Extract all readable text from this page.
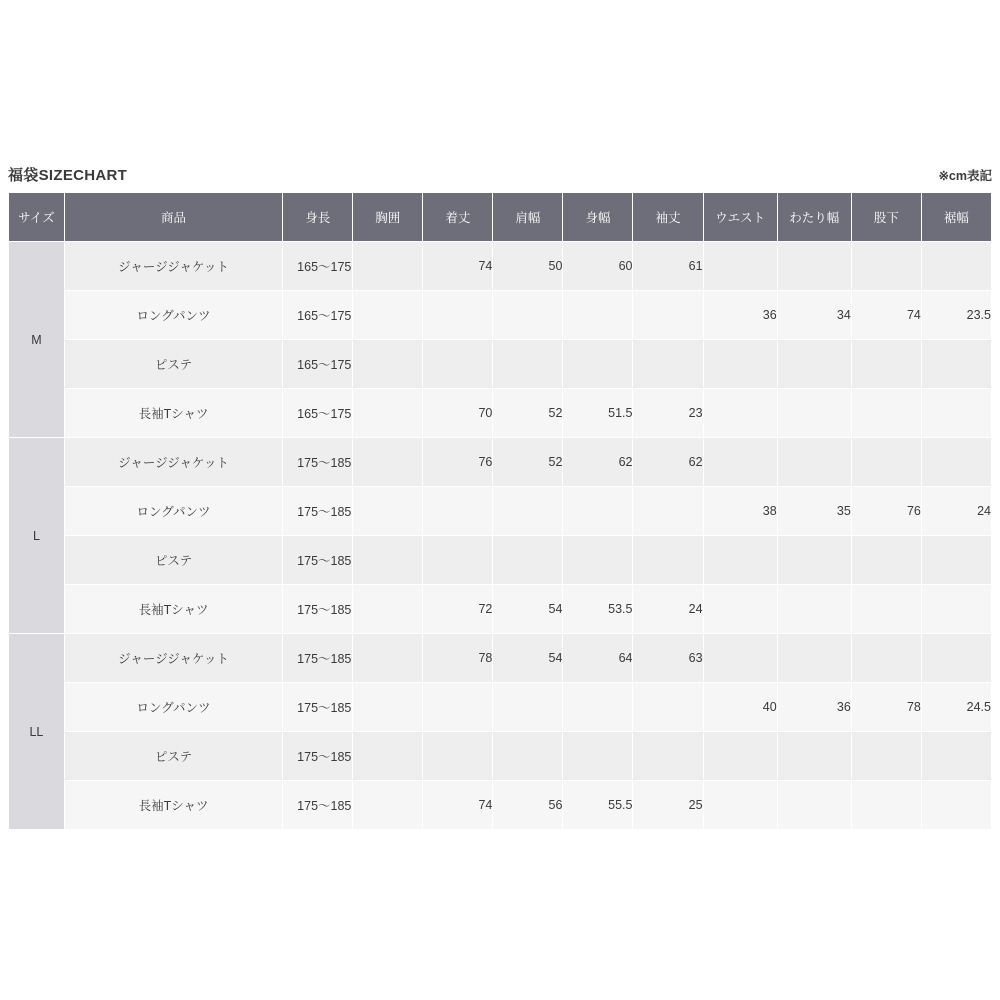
福袋SIZECHART	※cm表記
サイズ	商品	身長	胸囲	着丈	肩幅	身幅	袖丈	ウエスト	わたり幅	股下	裾幅
M	ジャージジャケット	165〜175		74	50	60	61				
	ロングパンツ	165〜175						36	34	74	23.5
	ピステ	165〜175									
	長袖Tシャツ	165〜175		70	52	51.5	23				
L	ジャージジャケット	175〜185		76	52	62	62				
	ロングパンツ	175〜185						38	35	76	24
	ピステ	175〜185									
	長袖Tシャツ	175〜185		72	54	53.5	24				
LL	ジャージジャケット	175〜185		78	54	64	63				
	ロングパンツ	175〜185						40	36	78	24.5
	ピステ	175〜185									
	長袖Tシャツ	175〜185		74	56	55.5	25				
